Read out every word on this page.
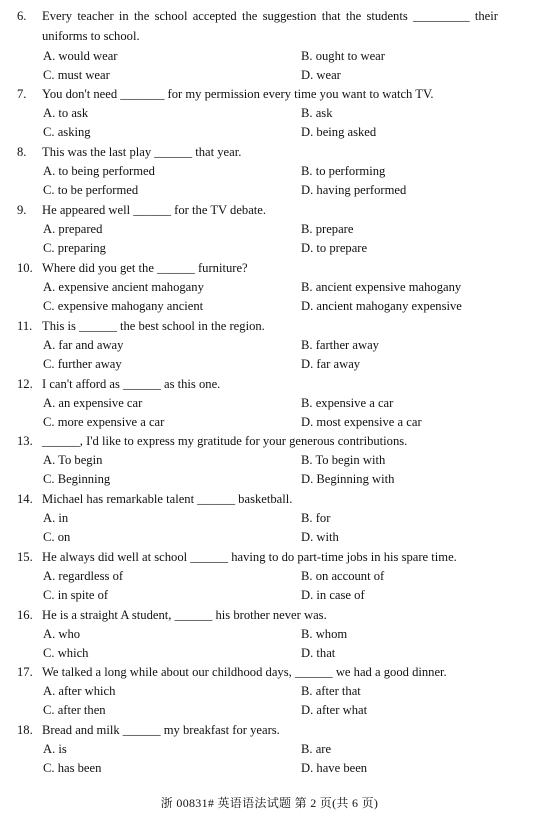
6.	Every teacher in the school accepted the suggestion that the students _________ their
uniforms to school.
A. would wear	B. ought to wear
C. must wear	D. wear
7. You don't need _______ for my permission every time you want to watch TV.
A. to ask	B. ask
C. asking	D. being asked
8. This was the last play ______ that year.
A. to being performed	B. to performing
C. to be performed	D. having performed
9. He appeared well ______ for the TV debate.
A. prepared	B. prepare
C. preparing	D. to prepare
10. Where did you get the ______ furniture?
A. expensive ancient mahogany	B. ancient expensive mahogany
C. expensive mahogany ancient	D. ancient mahogany expensive
11. This is ______ the best school in the region.
A. far and away	B. farther away
C. further away	D. far away
12. I can't afford as ______ as this one.
A. an expensive car	B. expensive a car
C. more expensive a car	D. most expensive a car
13. ______, I'd like to express my gratitude for your generous contributions.
A. To begin	B. To begin with
C. Beginning	D. Beginning with
14. Michael has remarkable talent ______ basketball.
A. in	B. for
C. on	D. with
15. He always did well at school ______ having to do part-time jobs in his spare time.
A. regardless of	B. on account of
C. in spite of	D. in case of
16. He is a straight A student, ______ his brother never was.
A. who	B. whom
C. which	D. that
17. We talked a long while about our childhood days, ______ we had a good dinner.
A. after which	B. after that
C. after then	D. after what
18. Bread and milk ______ my breakfast for years.
A. is	B. are
C. has been	D. have been
浙 00831# 英语语法试题 第 2 页(共 6 页)
